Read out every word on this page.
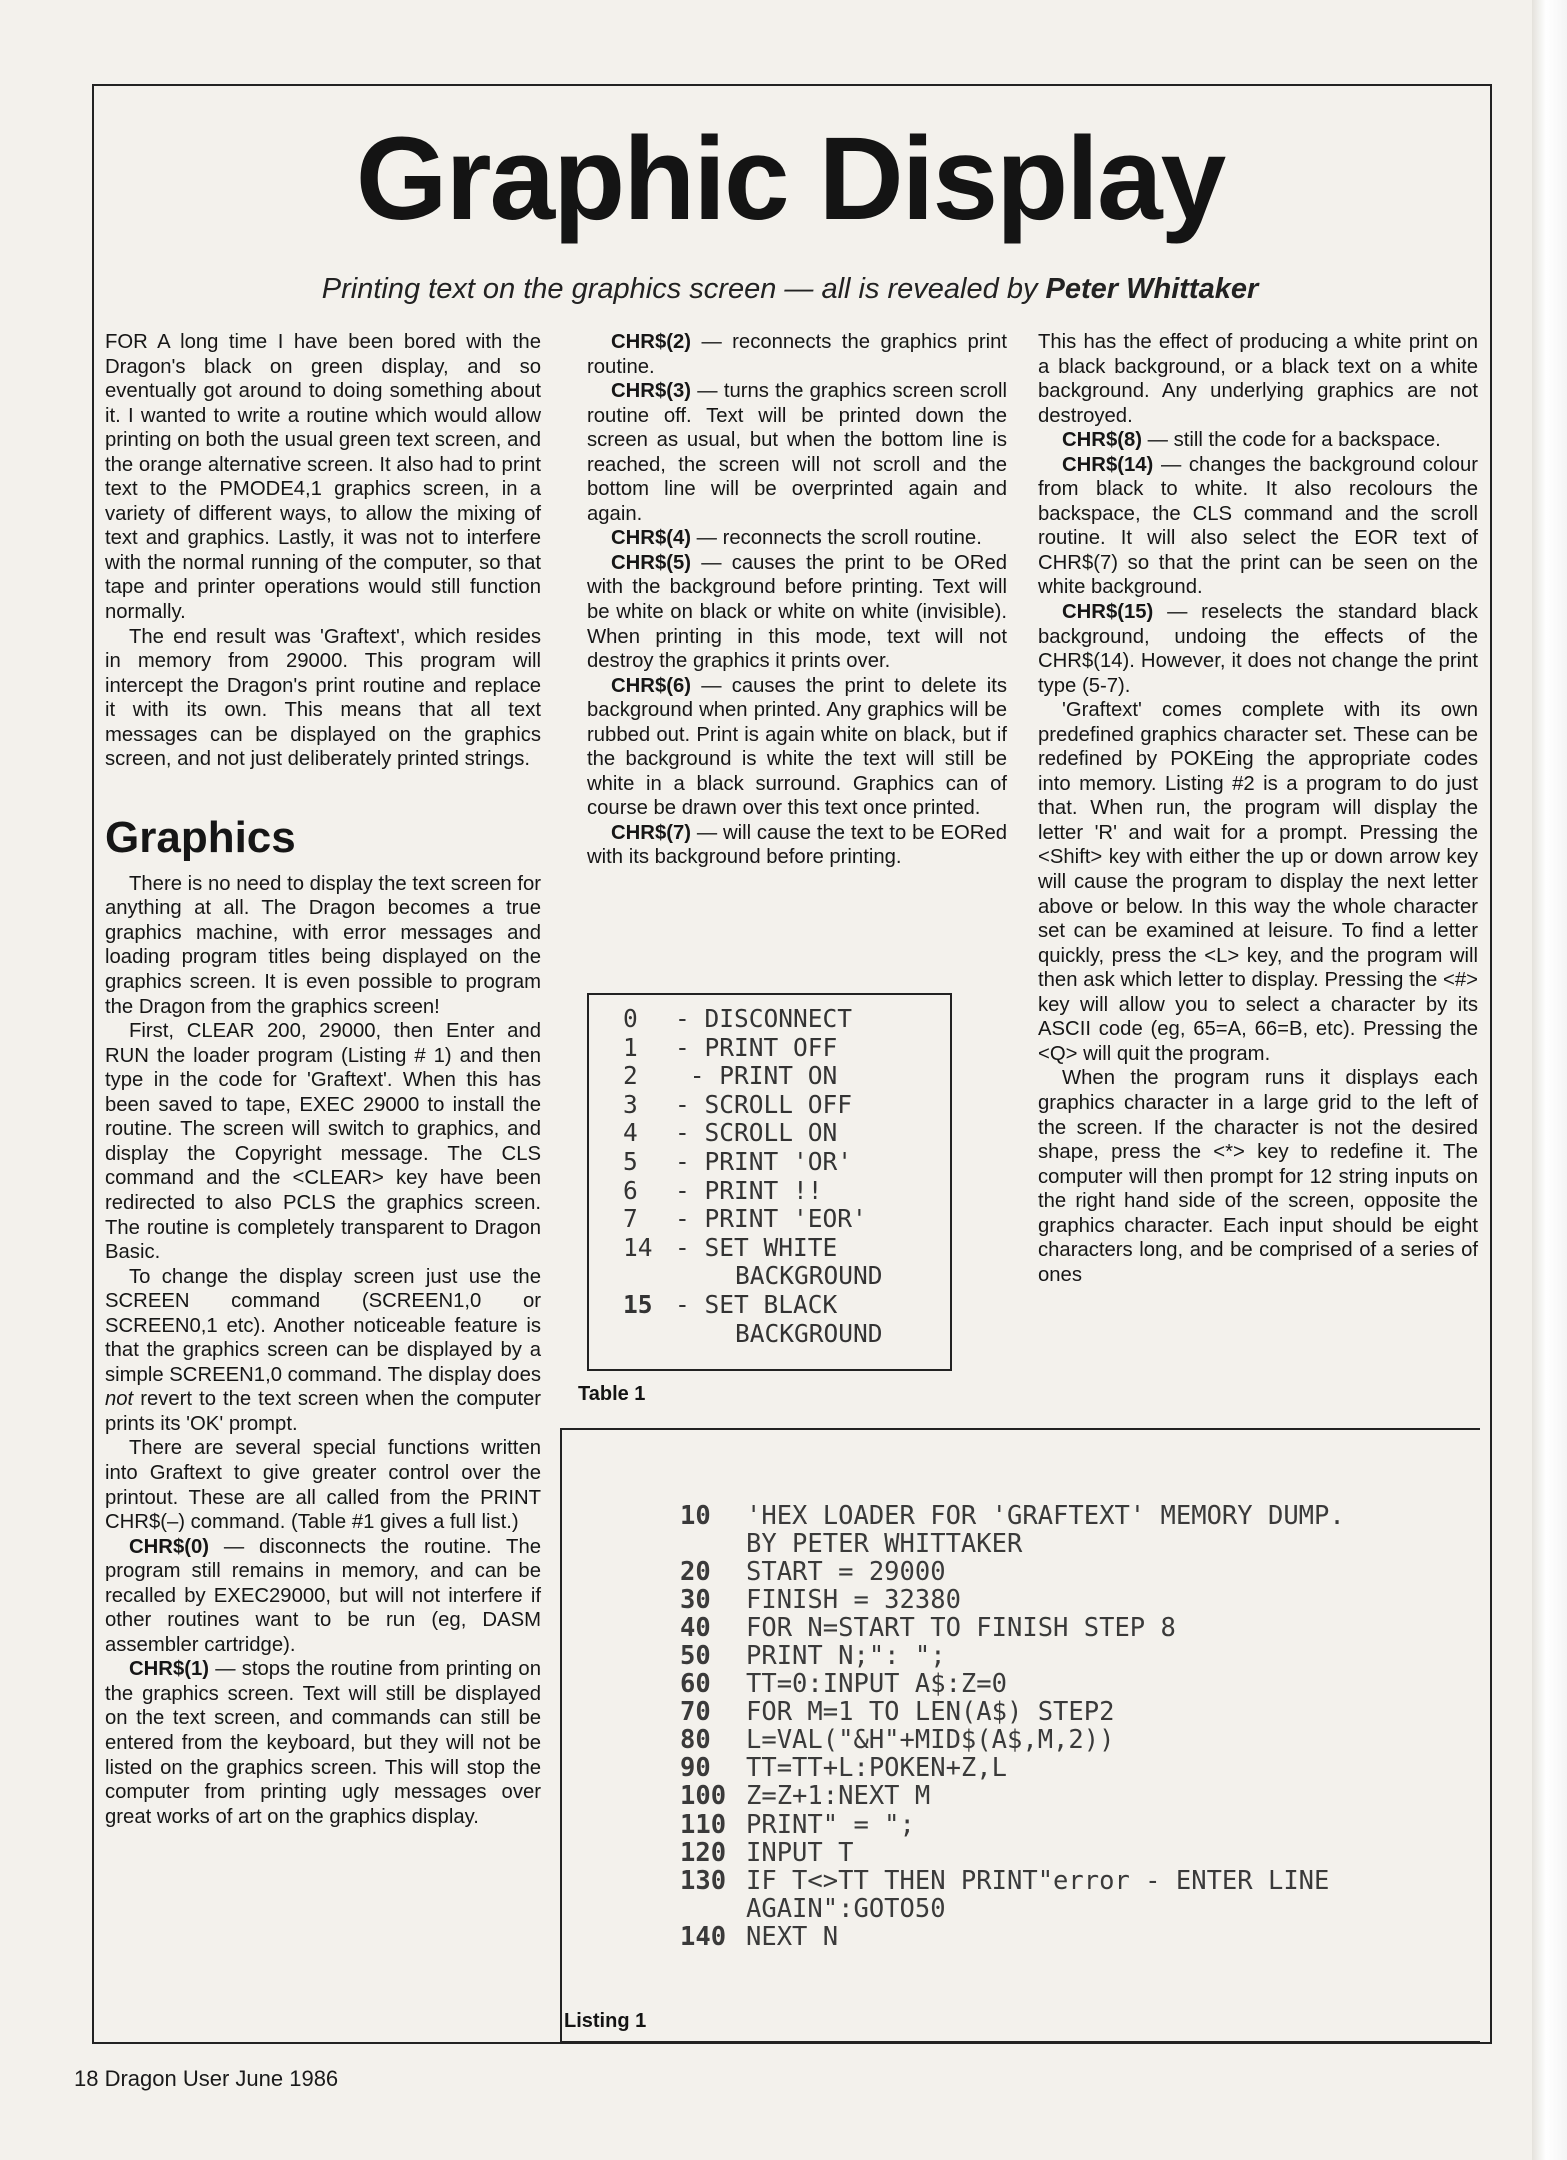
Graphic Display

Printing text on the graphics screen — all is revealed by Peter Whittaker

FOR A long time I have been bored with the Dragon's black on green display, and so eventually got around to doing something about it. I wanted to write a routine which would allow printing on both the usual green text screen, and the orange alternative screen. It also had to print text to the PMODE4,1 graphics screen, in a variety of different ways, to allow the mixing of text and graphics. Lastly, it was not to interfere with the normal running of the computer, so that tape and printer operations would still function normally.

The end result was 'Graftext', which resides in memory from 29000. This program will intercept the Dragon's print routine and replace it with its own. This means that all text messages can be displayed on the graphics screen, and not just deliberately printed strings.

Graphics

There is no need to display the text screen for anything at all. The Dragon becomes a true graphics machine, with error messages and loading program titles being displayed on the graphics screen. It is even possible to program the Dragon from the graphics screen!

First, CLEAR 200, 29000, then Enter and RUN the loader program (Listing # 1) and then type in the code for 'Graftext'. When this has been saved to tape, EXEC 29000 to install the routine. The screen will switch to graphics, and display the Copyright message. The CLS command and the <CLEAR> key have been redirected to also PCLS the graphics screen. The routine is completely transparent to Dragon Basic.

To change the display screen just use the SCREEN command (SCREEN1,0 or SCREEN0,1 etc). Another noticeable feature is that the graphics screen can be displayed by a simple SCREEN1,0 command. The display does not revert to the text screen when the computer prints its 'OK' prompt.

There are several special functions written into Graftext to give greater control over the printout. These are all called from the PRINT CHR$(–) command. (Table #1 gives a full list.)

CHR$(0) — disconnects the routine. The program still remains in memory, and can be recalled by EXEC29000, but will not interfere if other routines want to be run (eg, DASM assembler cartridge).

CHR$(1) — stops the routine from printing on the graphics screen. Text will still be displayed on the text screen, and commands can still be entered from the keyboard, but they will not be listed on the graphics screen. This will stop the computer from printing ugly messages over great works of art on the graphics display.

CHR$(2) — reconnects the graphics print routine.

CHR$(3) — turns the graphics screen scroll routine off. Text will be printed down the screen as usual, but when the bottom line is reached, the screen will not scroll and the bottom line will be overprinted again and again.

CHR$(4) — reconnects the scroll routine.

CHR$(5) — causes the print to be ORed with the background before printing. Text will be white on black or white on white (invisible). When printing in this mode, text will not destroy the graphics it prints over.

CHR$(6) — causes the print to delete its background when printed. Any graphics will be rubbed out. Print is again white on black, but if the background is white the text will still be white in a black surround. Graphics can of course be drawn over this text once printed.

CHR$(7) — will cause the text to be EORed with its background before printing.

0 - DISCONNECT
1 - PRINT OFF
2 - PRINT ON
3 - SCROLL OFF
4 - SCROLL ON
5 - PRINT 'OR'
6 - PRINT !!
7 - PRINT 'EOR'
14 - SET WHITE
BACKGROUND
15 - SET BLACK
BACKGROUND
Table 1

This has the effect of producing a white print on a black background, or a black text on a white background. Any underlying graphics are not destroyed.

CHR$(8) — still the code for a backspace.

CHR$(14) — changes the background colour from black to white. It also recolours the backspace, the CLS command and the scroll routine. It will also select the EOR text of CHR$(7) so that the print can be seen on the white background.

CHR$(15) — reselects the standard black background, undoing the effects of the CHR$(14). However, it does not change the print type (5-7).

'Graftext' comes complete with its own predefined graphics character set. These can be redefined by POKEing the appropriate codes into memory. Listing #2 is a program to do just that. When run, the program will display the letter 'R' and wait for a prompt. Pressing the <Shift> key with either the up or down arrow key will cause the program to display the next letter above or below. In this way the whole character set can be examined at leisure. To find a letter quickly, press the <L> key, and the program will then ask which letter to display. Pressing the <#> key will allow you to select a character by its ASCII code (eg, 65=A, 66=B, etc). Pressing the <Q> will quit the program.

When the program runs it displays each graphics character in a large grid to the left of the screen. If the character is not the desired shape, press the <*> key to redefine it. The computer will then prompt for 12 string inputs on the right hand side of the screen, opposite the graphics character. Each input should be eight characters long, and be comprised of a series of ones

10	'HEX LOADER FOR 'GRAFTEXT' MEMORY DUMP. BY PETER WHITTAKER
20	START = 29000
30	FINISH = 32380
40	FOR N=START TO FINISH STEP 8
50	PRINT N;": ";
60	TT=0:INPUT A$:Z=0
70	FOR M=1 TO LEN(A$) STEP2
80	L=VAL("&H"+MID$(A$,M,2))
90	TT=TT+L:POKEN+Z,L
100 Z=Z+1:NEXT M
110 PRINT" = ";
120 INPUT T
130 IF T<>TT THEN PRINT"error - ENTER LINE AGAIN":GOTO50
140 NEXT N
Listing 1
18 Dragon User June 1986
